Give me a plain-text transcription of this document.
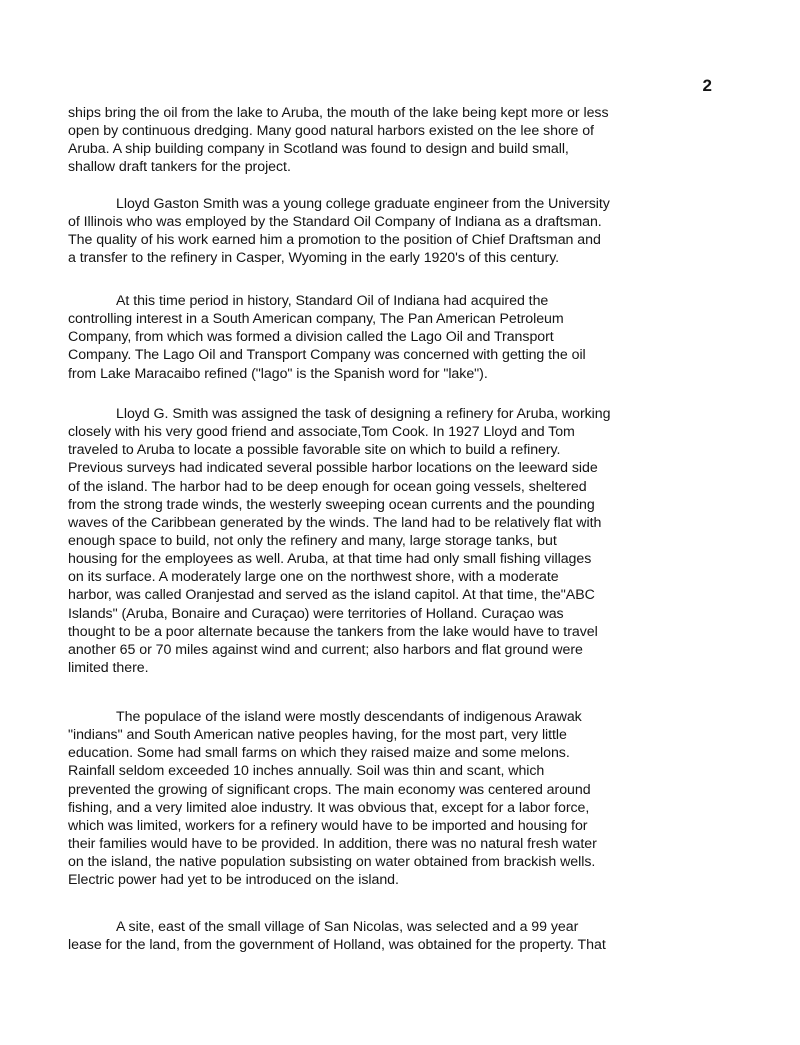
2
ships bring the oil from the lake to Aruba, the mouth of the lake being kept more or less
open by continuous dredging. Many good natural harbors existed on the lee shore of
Aruba. A ship building company in Scotland was found to design and build small,
shallow draft tankers for the project.
Lloyd Gaston Smith was a young college graduate engineer from the University
of Illinois who was employed by the Standard Oil Company of Indiana as a draftsman.
The quality of his work earned him a promotion to the position of Chief Draftsman and
a transfer to the refinery in Casper, Wyoming in the early 1920's of this century.
At this time period in history, Standard Oil of Indiana had acquired the
controlling interest in a South American company, The Pan American Petroleum
Company, from which was formed a division called the Lago Oil and Transport
Company. The Lago Oil and Transport Company was concerned with getting the oil
from Lake Maracaibo refined ("lago" is the Spanish word for "lake").
Lloyd G. Smith was assigned the task of designing a refinery for Aruba, working
closely with his very good friend and associate,Tom Cook. In 1927 Lloyd and Tom
traveled to Aruba to locate a possible favorable site on which to build a refinery.
Previous surveys had indicated several possible harbor locations on the leeward side
of the island. The harbor had to be deep enough for ocean going vessels, sheltered
from the strong trade winds, the westerly sweeping ocean currents and the pounding
waves of the Caribbean generated by the winds. The land had to be relatively flat with
enough space to build, not only the refinery and many, large storage tanks, but
housing for the employees as well. Aruba, at that time had only small fishing villages
on its surface. A moderately large one on the northwest shore, with a moderate
harbor, was called Oranjestad and served as the island capitol. At that time, the"ABC
Islands" (Aruba, Bonaire and Curaçao) were territories of Holland. Curaçao was
thought to be a poor alternate because the tankers from the lake would have to travel
another 65 or 70 miles against wind and current; also harbors and flat ground were
limited there.
The populace of the island were mostly descendants of indigenous Arawak
"indians" and South American native peoples having, for the most part, very little
education. Some had small farms on which they raised maize and some melons.
Rainfall seldom exceeded 10 inches annually. Soil was thin and scant, which
prevented the growing of significant crops. The main economy was centered around
fishing, and a very limited aloe industry. It was obvious that, except for a labor force,
which was limited, workers for a refinery would have to be imported and housing for
their families would have to be provided. In addition, there was no natural fresh water
on the island, the native population subsisting on water obtained from brackish wells.
Electric power had yet to be introduced on the island.
A site, east of the small village of San Nicolas, was selected and a 99 year
lease for the land, from the government of Holland, was obtained for the property. That
